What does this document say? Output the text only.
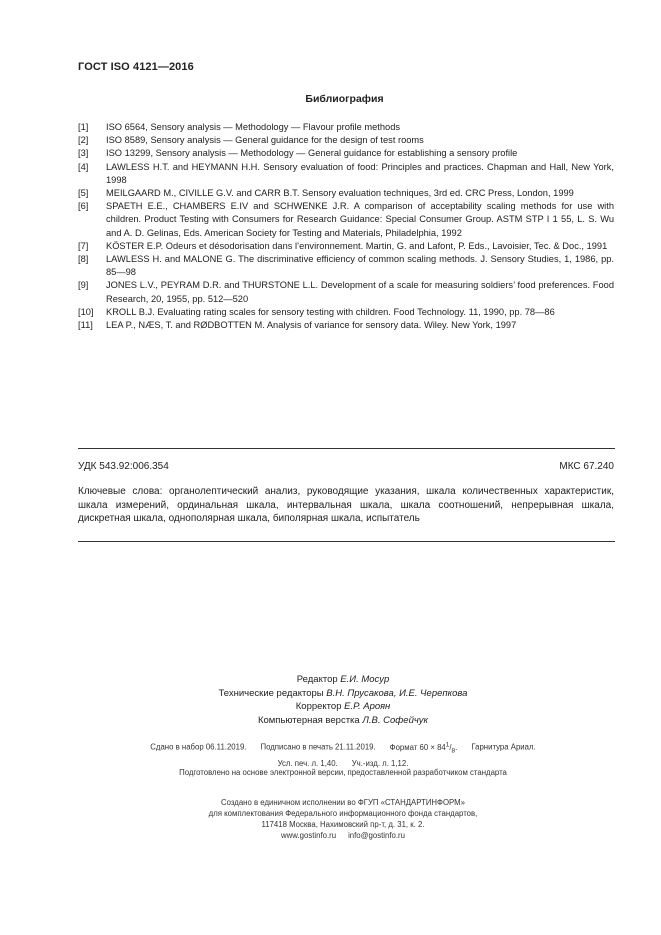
ГОСТ ISO 4121—2016
Библиография
[1] ISO 6564, Sensory analysis — Methodology — Flavour profile methods
[2] ISO 8589, Sensory analysis — General guidance for the design of test rooms
[3] ISO 13299, Sensory analysis — Methodology — General guidance for establishing a sensory profile
[4] LAWLESS H.T. and HEYMANN H.H. Sensory evaluation of food: Principles and practices. Chapman and Hall, New York, 1998
[5] MEILGAARD M., CIVILLE G.V. and CARR B.T. Sensory evaluation techniques, 3rd ed. CRC Press, London, 1999
[6] SPAETH E.E., CHAMBERS E.IV and SCHWENKE J.R. A comparison of acceptability scaling methods for use with children. Product Testing with Consumers for Research Guidance: Special Consumer Group. ASTM STP I 1 55, L. S. Wu and A. D. Gelinas, Eds. American Society for Testing and Materials, Philadelphia, 1992
[7] KÖSTER E.P. Odeurs et désodorisation dans l’environnement. Martin, G. and Lafont, P. Eds., Lavoisier, Tec. & Doc., 1991
[8] LAWLESS H. and MALONE G. The discriminative efficiency of common scaling methods. J. Sensory Studies, 1, 1986, pp. 85—98
[9] JONES L.V., PEYRAM D.R. and THURSTONE L.L. Development of a scale for measuring soldiers’ food preferences. Food Research, 20, 1955, pp. 512—520
[10] KROLL B.J. Evaluating rating scales for sensory testing with children. Food Technology. 11, 1990, pp. 78—86
[11] LEA P., NÆS, T. and RØDBOTTEN M. Analysis of variance for sensory data. Wiley. New York, 1997
УДК 543.92:006.354	МКС 67.240
Ключевые слова: органолептический анализ, руководящие указания, шкала количественных характеристик, шкала измерений, ординальная шкала, интервальная шкала, шкала соотношений, непрерывная шкала, дискретная шкала, однополярная шкала, биполярная шкала, испытатель
Редактор Е.И. Мосур
Технические редакторы В.Н. Прусакова, И.Е. Черепкова
Корректор Е.Р. Ароян
Компьютерная верстка Л.В. Софейчук
Сдано в набор 06.11.2019. Подписано в печать 21.11.2019. Формат $60 \times 84^1/_8$. Гарнитура Ариал.
Усл. печ. л. 1,40. Уч.-изд. л. 1,12.
Подготовлено на основе электронной версии, предоставленной разработчиком стандарта
Создано в единичном исполнении во ФГУП «СТАНДАРТИНФОРМ»
для комплектования Федерального информационного фонда стандартов,
117418 Москва, Нахимовский пр-т, д. 31, к. 2.
www.gostinfo.ru info@gostinfo.ru
